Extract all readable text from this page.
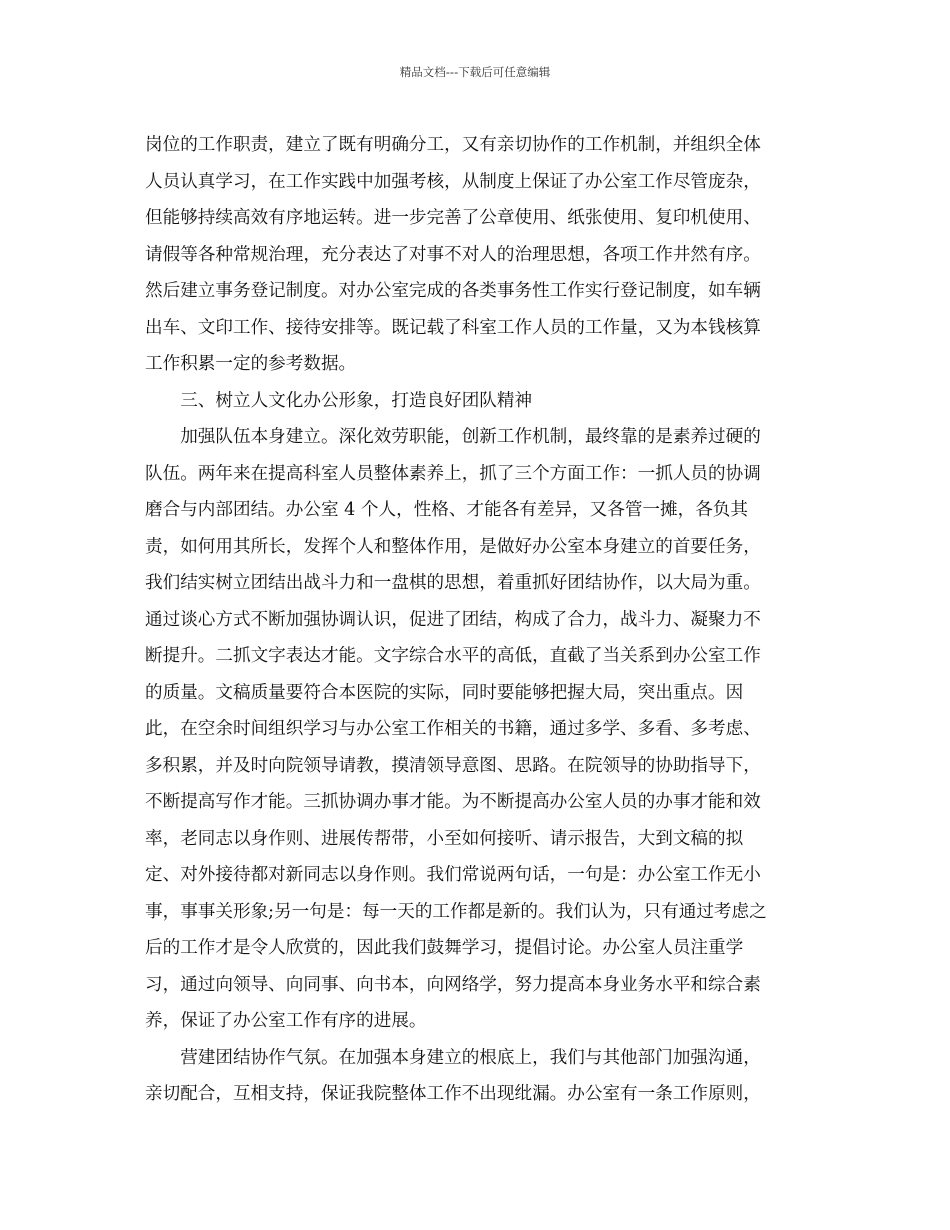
精品文档---下载后可任意编辑
岗位的工作职责，建立了既有明确分工，又有亲切协作的工作机制，并组织全体
人员认真学习，在工作实践中加强考核，从制度上保证了办公室工作尽管庞杂，
但能够持续高效有序地运转。进一步完善了公章使用、纸张使用、复印机使用、
请假等各种常规治理，充分表达了对事不对人的治理思想，各项工作井然有序。
然后建立事务登记制度。对办公室完成的各类事务性工作实行登记制度，如车辆
出车、文印工作、接待安排等。既记载了科室工作人员的工作量，又为本钱核算
工作积累一定的参考数据。
　　三、树立人文化办公形象，打造良好团队精神
　　加强队伍本身建立。深化效劳职能，创新工作机制，最终靠的是素养过硬的
队伍。两年来在提高科室人员整体素养上，抓了三个方面工作：一抓人员的协调
磨合与内部团结。办公室 4 个人，性格、才能各有差异，又各管一摊，各负其
责，如何用其所长，发挥个人和整体作用，是做好办公室本身建立的首要任务，
我们结实树立团结出战斗力和一盘棋的思想，着重抓好团结协作，以大局为重。
通过谈心方式不断加强协调认识，促进了团结，构成了合力，战斗力、凝聚力不
断提升。二抓文字表达才能。文字综合水平的高低，直截了当关系到办公室工作
的质量。文稿质量要符合本医院的实际，同时要能够把握大局，突出重点。因
此，在空余时间组织学习与办公室工作相关的书籍，通过多学、多看、多考虑、
多积累，并及时向院领导请教，摸清领导意图、思路。在院领导的协助指导下，
不断提高写作才能。三抓协调办事才能。为不断提高办公室人员的办事才能和效
率，老同志以身作则、进展传帮带，小至如何接听、请示报告，大到文稿的拟
定、对外接待都对新同志以身作则。我们常说两句话，一句是：办公室工作无小
事，事事关形象;另一句是：每一天的工作都是新的。我们认为，只有通过考虑之
后的工作才是令人欣赏的，因此我们鼓舞学习，提倡讨论。办公室人员注重学
习，通过向领导、向同事、向书本，向网络学，努力提高本身业务水平和综合素
养，保证了办公室工作有序的进展。
　　营建团结协作气氛。在加强本身建立的根底上，我们与其他部门加强沟通，
亲切配合，互相支持，保证我院整体工作不出现纰漏。办公室有一条工作原则，
